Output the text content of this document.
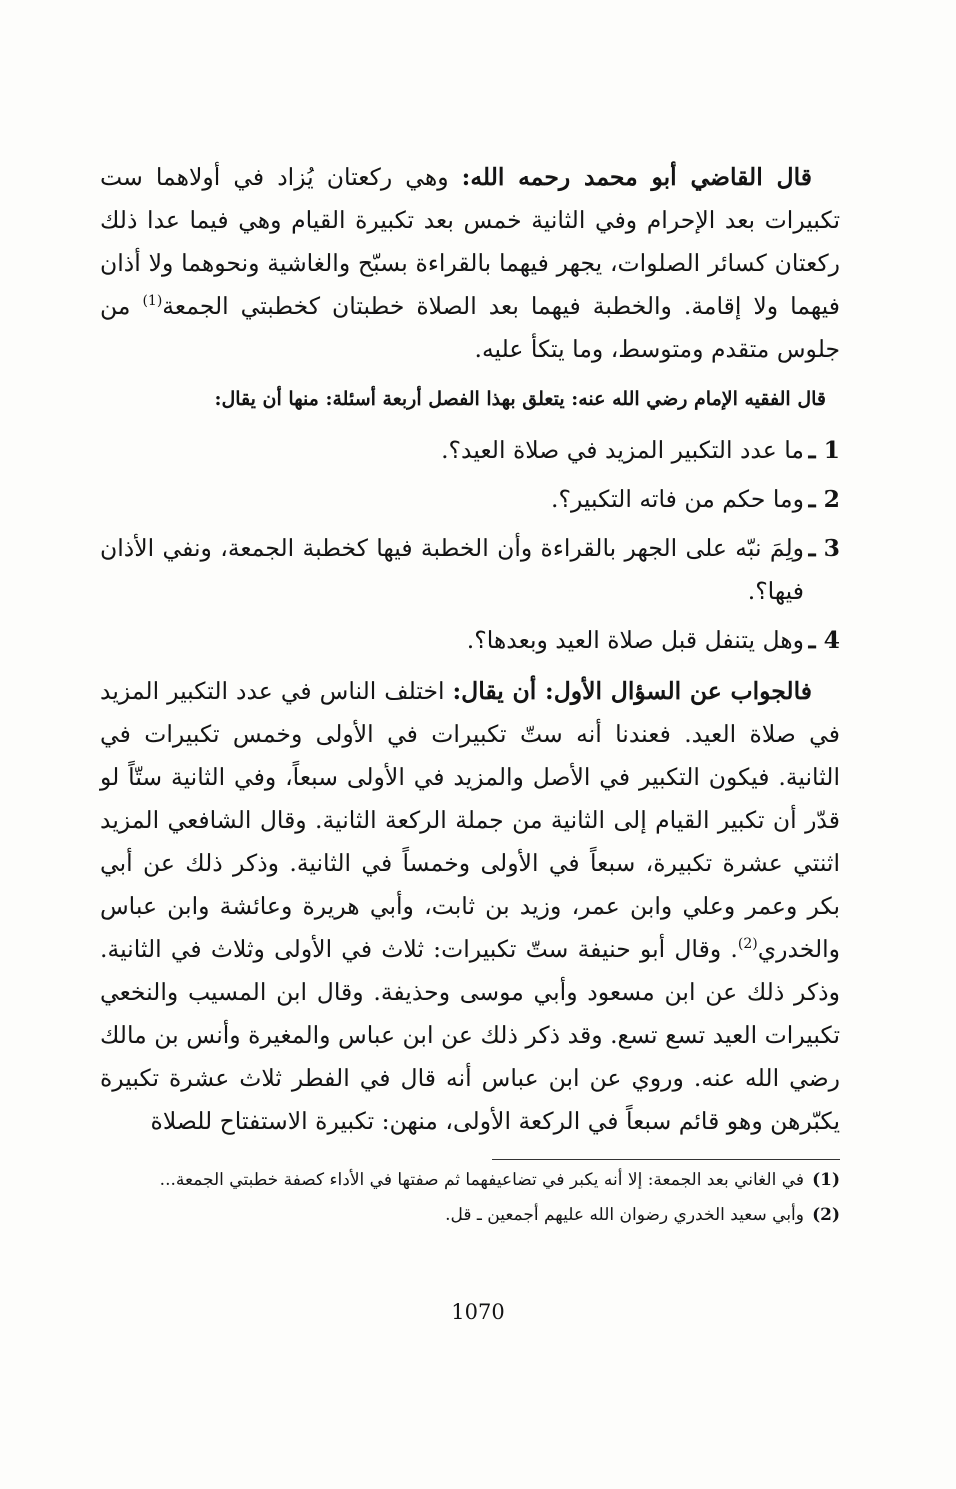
قال القاضي أبو محمد رحمه الله: وهي ركعتان يُزاد في أولاهما ست تكبيرات بعد الإحرام وفي الثانية خمس بعد تكبيرة القيام وهي فيما عدا ذلك ركعتان كسائر الصلوات، يجهر فيهما بالقراءة بسبّح والغاشية ونحوهما ولا أذان فيهما ولا إقامة. والخطبة فيهما بعد الصلاة خطبتان كخطبتي الجمعة$^{(1)}$ من جلوس متقدم ومتوسط، وما يتكأ عليه.

قال الفقيه الإمام رضي الله عنه: يتعلق بهذا الفصل أربعة أسئلة: منها أن يقال:

1 ـ
ما عدد التكبير المزيد في صلاة العيد؟.
2 ـ
وما حكم من فاته التكبير؟.
3 ـ
ولِمَ نبّه على الجهر بالقراءة وأن الخطبة فيها كخطبة الجمعة، ونفي الأذان فيها؟.
4 ـ
وهل يتنفل قبل صلاة العيد وبعدها؟.

فالجواب عن السؤال الأول: أن يقال: اختلف الناس في عدد التكبير المزيد في صلاة العيد. فعندنا أنه ستّ تكبيرات في الأولى وخمس تكبيرات في الثانية. فيكون التكبير في الأصل والمزيد في الأولى سبعاً، وفي الثانية ستّاً لو قدّر أن تكبير القيام إلى الثانية من جملة الركعة الثانية. وقال الشافعي المزيد اثنتي عشرة تكبيرة، سبعاً في الأولى وخمساً في الثانية. وذكر ذلك عن أبي بكر وعمر وعلي وابن عمر، وزيد بن ثابت، وأبي هريرة وعائشة وابن عباس والخدري$^{(2)}$. وقال أبو حنيفة ستّ تكبيرات: ثلاث في الأولى وثلاث في الثانية. وذكر ذلك عن ابن مسعود وأبي موسى وحذيفة. وقال ابن المسيب والنخعي تكبيرات العيد تسع تسع. وقد ذكر ذلك عن ابن عباس والمغيرة وأنس بن مالك رضي الله عنه. وروي عن ابن عباس أنه قال في الفطر ثلاث عشرة تكبيرة يكبّرهن وهو قائم سبعاً في الركعة الأولى، منهن: تكبيرة الاستفتاح للصلاة

(1)
في الغاني بعد الجمعة: إلا أنه يكبر في تضاعيفهما ثم صفتها في الأداء كصفة خطبتي الجمعة...
(2)
وأبي سعيد الخدري رضوان الله عليهم أجمعين ـ قل.
1070
